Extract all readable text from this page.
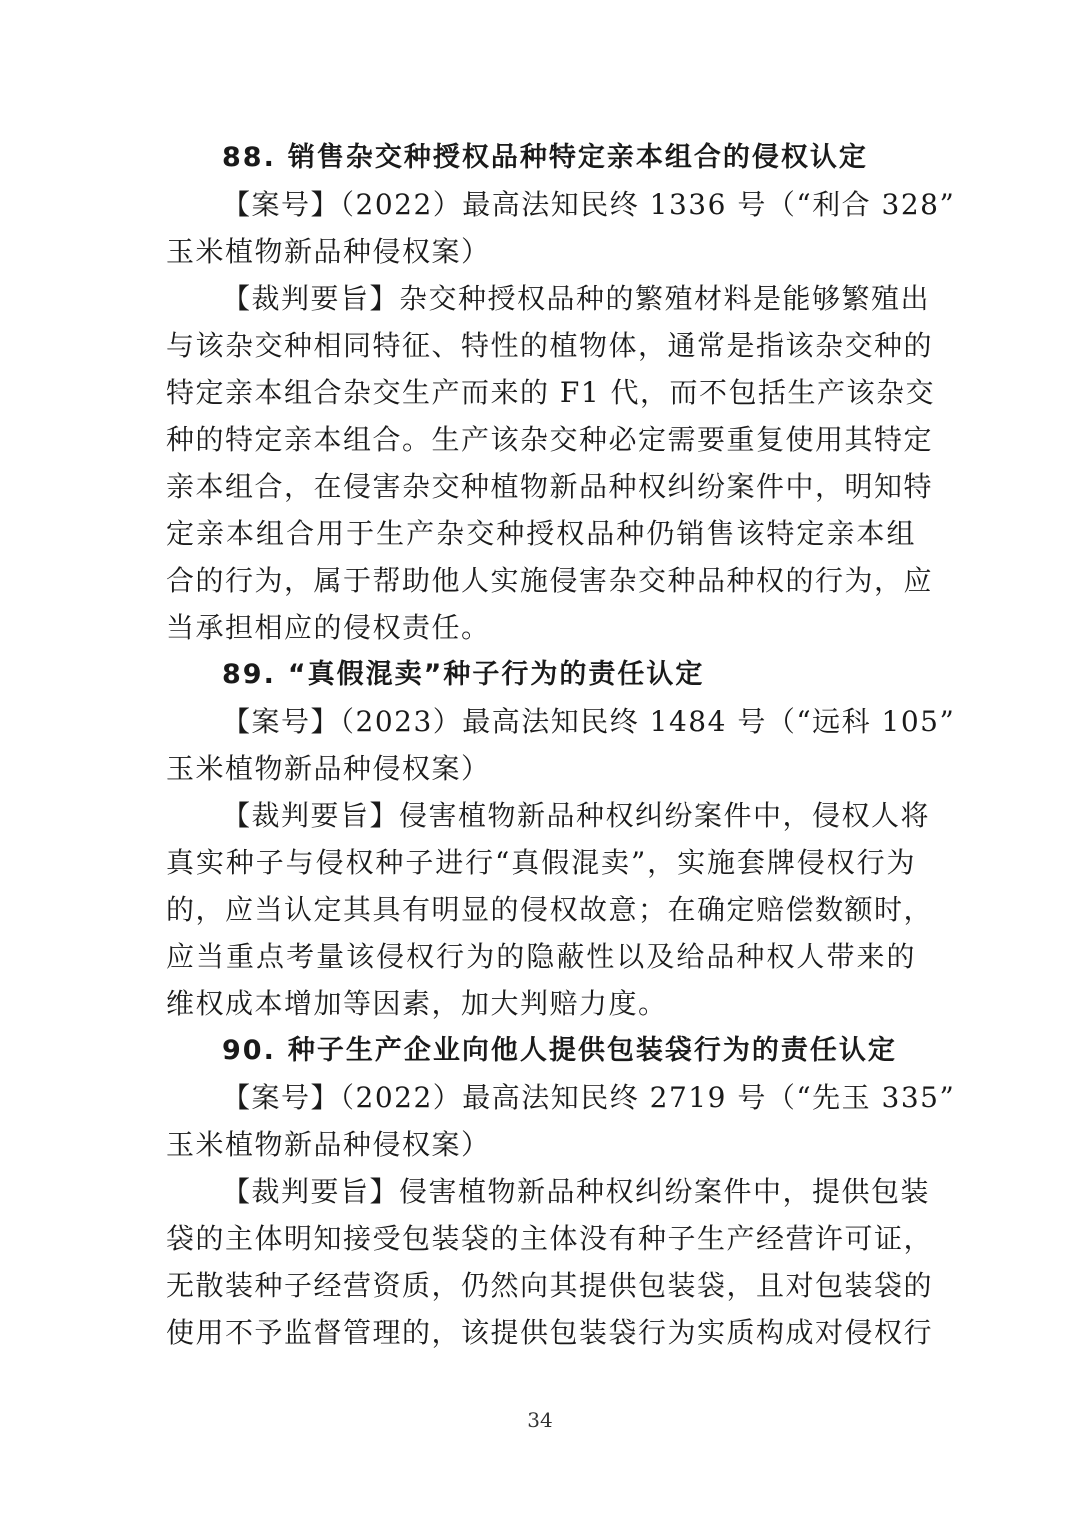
88. 销售杂交种授权品种特定亲本组合的侵权认定
【案号】（2022）最高法知民终 1336 号（“利合 328”
玉米植物新品种侵权案）
【裁判要旨】杂交种授权品种的繁殖材料是能够繁殖出
与该杂交种相同特征、特性的植物体，通常是指该杂交种的
特定亲本组合杂交生产而来的 F1 代，而不包括生产该杂交
种的特定亲本组合。生产该杂交种必定需要重复使用其特定
亲本组合，在侵害杂交种植物新品种权纠纷案件中，明知特
定亲本组合用于生产杂交种授权品种仍销售该特定亲本组
合的行为，属于帮助他人实施侵害杂交种品种权的行为，应
当承担相应的侵权责任。
89. “真假混卖”种子行为的责任认定
【案号】（2023）最高法知民终 1484 号（“远科 105”
玉米植物新品种侵权案）
【裁判要旨】侵害植物新品种权纠纷案件中，侵权人将
真实种子与侵权种子进行“真假混卖”，实施套牌侵权行为
的，应当认定其具有明显的侵权故意；在确定赔偿数额时，
应当重点考量该侵权行为的隐蔽性以及给品种权人带来的
维权成本增加等因素，加大判赔力度。
90. 种子生产企业向他人提供包装袋行为的责任认定
【案号】（2022）最高法知民终 2719 号（“先玉 335”
玉米植物新品种侵权案）
【裁判要旨】侵害植物新品种权纠纷案件中，提供包装
袋的主体明知接受包装袋的主体没有种子生产经营许可证，
无散装种子经营资质，仍然向其提供包装袋，且对包装袋的
使用不予监督管理的，该提供包装袋行为实质构成对侵权行
34
